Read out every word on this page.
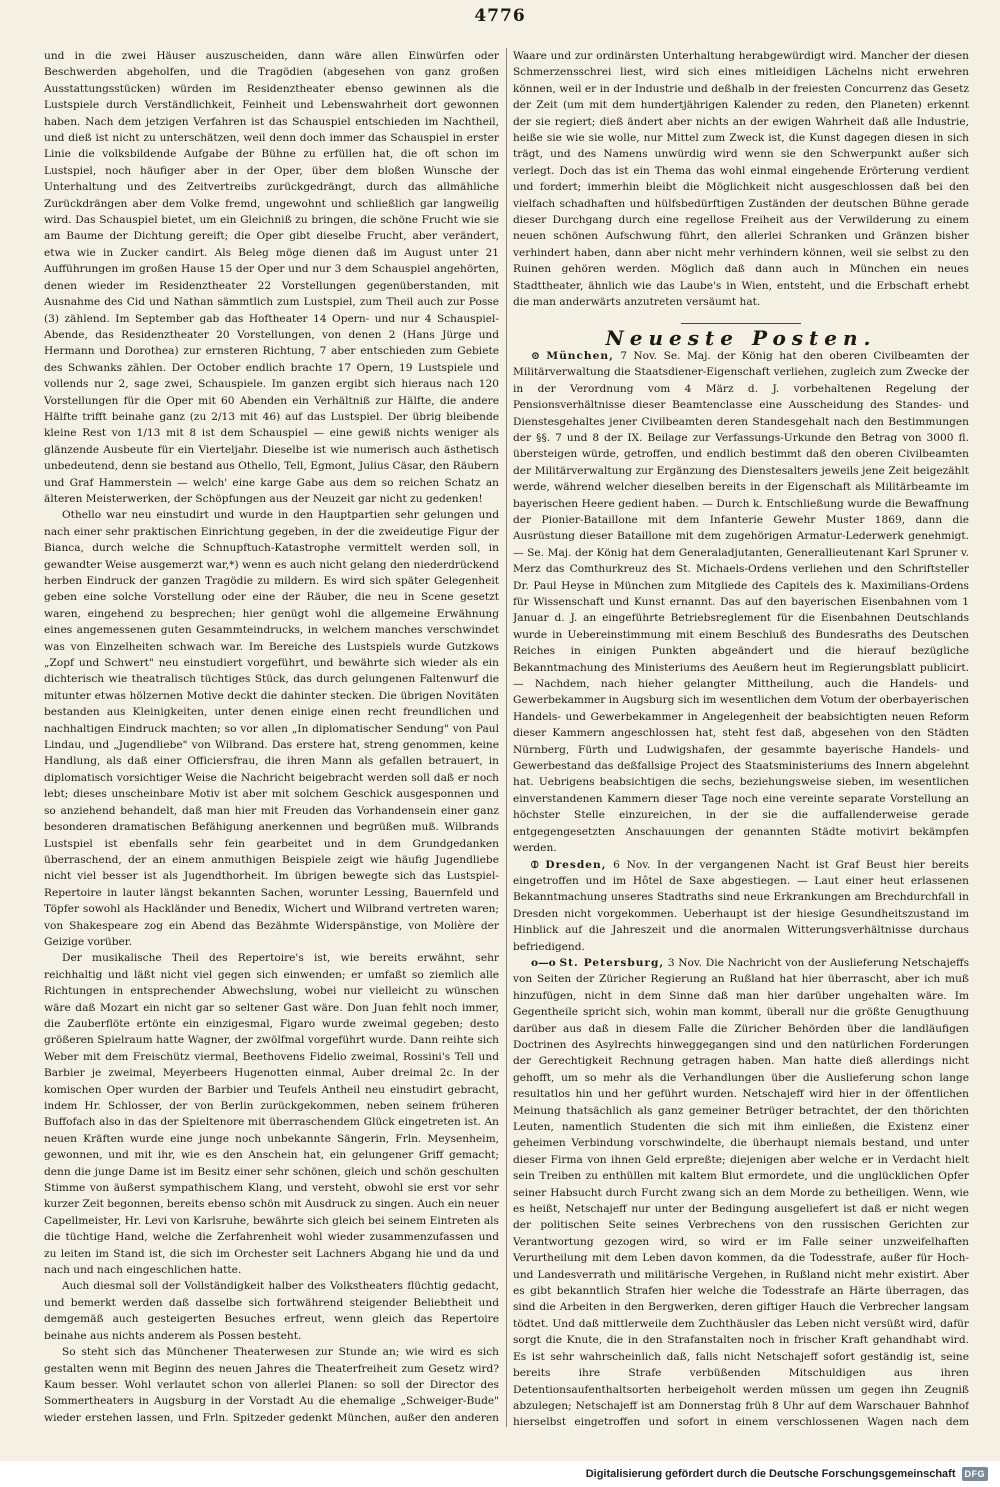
4776

und in die zwei Häuser auszuscheiden, dann wäre allen Einwürfen oder Beschwerden abgeholfen, und die Tragödien (abgesehen von ganz großen Ausstattungsstücken) würden im Residenztheater ebenso gewinnen als die Lustspiele durch Verständlichkeit, Feinheit und Lebenswahrheit dort gewonnen haben. Nach dem jetzigen Verfahren ist das Schauspiel entschieden im Nachtheil, und dieß ist nicht zu unterschätzen, weil denn doch immer das Schauspiel in erster Linie die volksbildende Aufgabe der Bühne zu erfüllen hat, die oft schon im Lustspiel, noch häufiger aber in der Oper, über dem bloßen Wunsche der Unterhaltung und des Zeitvertreibs zurückgedrängt, durch das allmähliche Zurückdrängen aber dem Volke fremd, ungewohnt und schließlich gar langweilig wird. Das Schauspiel bietet, um ein Gleichniß zu bringen, die schöne Frucht wie sie am Baume der Dichtung gereift; die Oper gibt dieselbe Frucht, aber verändert, etwa wie in Zucker candirt. Als Beleg möge dienen daß im August unter 21 Aufführungen im großen Hause 15 der Oper und nur 3 dem Schauspiel angehörten, denen wieder im Residenztheater 22 Vorstellungen gegenüberstanden, mit Ausnahme des Cid und Nathan sämmtlich zum Lustspiel, zum Theil auch zur Posse (3) zählend. Im September gab das Hoftheater 14 Opern- und nur 4 Schauspiel-Abende, das Residenztheater 20 Vorstellungen, von denen 2 (Hans Jürge und Hermann und Dorothea) zur ernsteren Richtung, 7 aber entschieden zum Gebiete des Schwanks zählen. Der October endlich brachte 17 Opern, 19 Lustspiele und vollends nur 2, sage zwei, Schauspiele. Im ganzen ergibt sich hieraus nach 120 Vorstellungen für die Oper mit 60 Abenden ein Verhältniß zur Hälfte, die andere Hälfte trifft beinahe ganz (zu 2/13 mit 46) auf das Lustspiel. Der übrig bleibende kleine Rest von 1/13 mit 8 ist dem Schauspiel — eine gewiß nichts weniger als glänzende Ausbeute für ein Vierteljahr. Dieselbe ist wie numerisch auch ästhetisch unbedeutend, denn sie bestand aus Othello, Tell, Egmont, Julius Cäsar, den Räubern und Graf Hammerstein — welch' eine karge Gabe aus dem so reichen Schatz an älteren Meisterwerken, der Schöpfungen aus der Neuzeit gar nicht zu gedenken!

Othello war neu einstudirt und wurde in den Hauptpartien sehr gelungen und nach einer sehr praktischen Einrichtung gegeben, in der die zweideutige Figur der Bianca, durch welche die Schnupftuch-Katastrophe vermittelt werden soll, in gewandter Weise ausgemerzt war,*) wenn es auch nicht gelang den niederdrückend herben Eindruck der ganzen Tragödie zu mildern. Es wird sich später Gelegenheit geben eine solche Vorstellung oder eine der Räuber, die neu in Scene gesetzt waren, eingehend zu besprechen; hier genügt wohl die allgemeine Erwähnung eines angemessenen guten Gesammteindrucks, in welchem manches verschwindet was von Einzelheiten schwach war. Im Bereiche des Lustspiels wurde Gutzkows „Zopf und Schwert" neu einstudiert vorgeführt, und bewährte sich wieder als ein dichterisch wie theatralisch tüchtiges Stück, das durch gelungenen Faltenwurf die mitunter etwas hölzernen Motive deckt die dahinter stecken. Die übrigen Novitäten bestanden aus Kleinigkeiten, unter denen einige einen recht freundlichen und nachhaltigen Eindruck machten; so vor allen „In diplomatischer Sendung" von Paul Lindau, und „Jugendliebe" von Wilbrand. Das erstere hat, streng genommen, keine Handlung, als daß einer Officiersfrau, die ihren Mann als gefallen betrauert, in diplomatisch vorsichtiger Weise die Nachricht beigebracht werden soll daß er noch lebt; dieses unscheinbare Motiv ist aber mit solchem Geschick ausgesponnen und so anziehend behandelt, daß man hier mit Freuden das Vorhandensein einer ganz besonderen dramatischen Befähigung anerkennen und begrüßen muß. Wilbrands Lustspiel ist ebenfalls sehr fein gearbeitet und in dem Grundgedanken überraschend, der an einem anmuthigen Beispiele zeigt wie häufig Jugendliebe nicht viel besser ist als Jugendthorheit. Im übrigen bewegte sich das Lustspiel-Repertoire in lauter längst bekannten Sachen, worunter Lessing, Bauernfeld und Töpfer sowohl als Hackländer und Benedix, Wichert und Wilbrand vertreten waren; von Shakespeare zog ein Abend das Bezähmte Widerspänstige, von Molière der Geizige vorüber.

Der musikalische Theil des Repertoire's ist, wie bereits erwähnt, sehr reichhaltig und läßt nicht viel gegen sich einwenden; er umfaßt so ziemlich alle Richtungen in entsprechender Abwechslung, wobei nur vielleicht zu wünschen wäre daß Mozart ein nicht gar so seltener Gast wäre. Don Juan fehlt noch immer, die Zauberflöte ertönte ein einzigesmal, Figaro wurde zweimal gegeben; desto größeren Spielraum hatte Wagner, der zwölfmal vorgeführt wurde. Dann reihte sich Weber mit dem Freischütz viermal, Beethovens Fidelio zweimal, Rossini's Tell und Barbier je zweimal, Meyerbeers Hugenotten einmal, Auber dreimal 2c. In der komischen Oper wurden der Barbier und Teufels Antheil neu einstudirt gebracht, indem Hr. Schlosser, der von Berlin zurückgekommen, neben seinem früheren Buffofach also in das der Spieltenore mit überraschendem Glück eingetreten ist. An neuen Kräften wurde eine junge noch unbekannte Sängerin, Frln. Meysenheim, gewonnen, und mit ihr, wie es den Anschein hat, ein gelungener Griff gemacht; denn die junge Dame ist im Besitz einer sehr schönen, gleich und schön geschulten Stimme von äußerst sympathischem Klang, und versteht, obwohl sie erst vor sehr kurzer Zeit begonnen, bereits ebenso schön mit Ausdruck zu singen. Auch ein neuer Capellmeister, Hr. Levi von Karlsruhe, bewährte sich gleich bei seinem Eintreten als die tüchtige Hand, welche die Zerfahrenheit wohl wieder zusammenzufassen und zu leiten im Stand ist, die sich im Orchester seit Lachners Abgang hie und da und nach und nach eingeschlichen hatte.

Auch diesmal soll der Vollständigkeit halber des Volkstheaters flüchtig gedacht, und bemerkt werden daß dasselbe sich fortwährend steigender Beliebtheit und demgemäß auch gesteigerten Besuches erfreut, wenn gleich das Repertoire beinahe aus nichts anderem als Possen besteht.

So steht sich das Münchener Theaterwesen zur Stunde an; wie wird es sich gestalten wenn mit Beginn des neuen Jahres die Theaterfreiheit zum Gesetz wird? Kaum besser. Wohl verlautet schon von allerlei Planen: so soll der Director des Sommertheaters in Augsburg in der Vorstadt Au die ehemalige „Schweiger-Bude" wieder erstehen lassen, und Frln. Spitzeder gedenkt München, außer den anderen

Waare und zur ordinärsten Unterhaltung herabgewürdigt wird. Mancher der diesen Schmerzensschrei liest, wird sich eines mitleidigen Lächelns nicht erwehren können, weil er in der Industrie und deßhalb in der freiesten Concurrenz das Gesetz der Zeit (um mit dem hundertjährigen Kalender zu reden, den Planeten) erkennt der sie regiert; dieß ändert aber nichts an der ewigen Wahrheit daß alle Industrie, heiße sie wie sie wolle, nur Mittel zum Zweck ist, die Kunst dagegen diesen in sich trägt, und des Namens unwürdig wird wenn sie den Schwerpunkt außer sich verlegt. Doch das ist ein Thema das wohl einmal eingehende Erörterung verdient und fordert; immerhin bleibt die Möglichkeit nicht ausgeschlossen daß bei den vielfach schadhaften und hülfsbedürftigen Zuständen der deutschen Bühne gerade dieser Durchgang durch eine regellose Freiheit aus der Verwilderung zu einem neuen schönen Aufschwung führt, den allerlei Schranken und Gränzen bisher verhindert haben, dann aber nicht mehr verhindern können, weil sie selbst zu den Ruinen gehören werden. Möglich daß dann auch in München ein neues Stadttheater, ähnlich wie das Laube's in Wien, entsteht, und die Erbschaft erhebt die man anderwärts anzutreten versäumt hat.

Neueste Posten.

⊙ München, 7 Nov. Se. Maj. der König hat den oberen Civilbeamten der Militärverwaltung die Staatsdiener-Eigenschaft verliehen, zugleich zum Zwecke der in der Verordnung vom 4 März d. J. vorbehaltenen Regelung der Pensionsverhältnisse dieser Beamtenclasse eine Ausscheidung des Standes- und Dienstesgehaltes jener Civilbeamten deren Standesgehalt nach den Bestimmungen der §§. 7 und 8 der IX. Beilage zur Verfassungs-Urkunde den Betrag von 3000 fl. übersteigen würde, getroffen, und endlich bestimmt daß den oberen Civilbeamten der Militärverwaltung zur Ergänzung des Dienstesalters jeweils jene Zeit beigezählt werde, während welcher dieselben bereits in der Eigenschaft als Militärbeamte im bayerischen Heere gedient haben. — Durch k. Entschließung wurde die Bewaffnung der Pionier-Bataillone mit dem Infanterie Gewehr Muster 1869, dann die Ausrüstung dieser Bataillone mit dem zugehörigen Armatur-Lederwerk genehmigt. — Se. Maj. der König hat dem Generaladjutanten, Generallieutenant Karl Spruner v. Merz das Comthurkreuz des St. Michaels-Ordens verliehen und den Schriftsteller Dr. Paul Heyse in München zum Mitgliede des Capitels des k. Maximilians-Ordens für Wissenschaft und Kunst ernannt. Das auf den bayerischen Eisenbahnen vom 1 Januar d. J. an eingeführte Betriebsreglement für die Eisenbahnen Deutschlands wurde in Uebereinstimmung mit einem Beschluß des Bundesraths des Deutschen Reiches in einigen Punkten abgeändert und die hierauf bezügliche Bekanntmachung des Ministeriums des Aeußern heut im Regierungsblatt publicirt. — Nachdem, nach hieher gelangter Mittheilung, auch die Handels- und Gewerbekammer in Augsburg sich im wesentlichen dem Votum der oberbayerischen Handels- und Gewerbekammer in Angelegenheit der beabsichtigten neuen Reform dieser Kammern angeschlossen hat, steht fest daß, abgesehen von den Städten Nürnberg, Fürth und Ludwigshafen, der gesammte bayerische Handels- und Gewerbestand das deßfallsige Project des Staatsministeriums des Innern abgelehnt hat. Uebrigens beabsichtigen die sechs, beziehungsweise sieben, im wesentlichen einverstandenen Kammern dieser Tage noch eine vereinte separate Vorstellung an höchster Stelle einzureichen, in der sie die auffallenderweise gerade entgegengesetzten Anschauungen der genannten Städte motivirt bekämpfen werden.

⦶ Dresden, 6 Nov. In der vergangenen Nacht ist Graf Beust hier bereits eingetroffen und im Hôtel de Saxe abgestiegen. — Laut einer heut erlassenen Bekanntmachung unseres Stadtraths sind neue Erkrankungen am Brechdurchfall in Dresden nicht vorgekommen. Ueberhaupt ist der hiesige Gesundheitszustand im Hinblick auf die Jahreszeit und die anormalen Witterungsverhältnisse durchaus befriedigend.

o—o St. Petersburg, 3 Nov. Die Nachricht von der Auslieferung Netschajeffs von Seiten der Züricher Regierung an Rußland hat hier überrascht, aber ich muß hinzufügen, nicht in dem Sinne daß man hier darüber ungehalten wäre. Im Gegentheile spricht sich, wohin man kommt, überall nur die größte Genugthuung darüber aus daß in diesem Falle die Züricher Behörden über die landläufigen Doctrinen des Asylrechts hinweggegangen sind und den natürlichen Forderungen der Gerechtigkeit Rechnung getragen haben. Man hatte dieß allerdings nicht gehofft, um so mehr als die Verhandlungen über die Auslieferung schon lange resultatlos hin und her geführt wurden. Netschajeff wird hier in der öffentlichen Meinung thatsächlich als ganz gemeiner Betrüger betrachtet, der den thörichten Leuten, namentlich Studenten die sich mit ihm einließen, die Existenz einer geheimen Verbindung vorschwindelte, die überhaupt niemals bestand, und unter dieser Firma von ihnen Geld erpreßte; diejenigen aber welche er in Verdacht hielt sein Treiben zu enthüllen mit kaltem Blut ermordete, und die unglücklichen Opfer seiner Habsucht durch Furcht zwang sich an dem Morde zu betheiligen. Wenn, wie es heißt, Netschajeff nur unter der Bedingung ausgeliefert ist daß er nicht wegen der politischen Seite seines Verbrechens von den russischen Gerichten zur Verantwortung gezogen wird, so wird er im Falle seiner unzweifelhaften Verurtheilung mit dem Leben davon kommen, da die Todesstrafe, außer für Hoch- und Landesverrath und militärische Vergehen, in Rußland nicht mehr existirt. Aber es gibt bekanntlich Strafen hier welche die Todesstrafe an Härte überragen, das sind die Arbeiten in den Bergwerken, deren giftiger Hauch die Verbrecher langsam tödtet. Und daß mittlerweile dem Zuchthäusler das Leben nicht versüßt wird, dafür sorgt die Knute, die in den Strafanstalten noch in frischer Kraft gehandhabt wird. Es ist sehr wahrscheinlich daß, falls nicht Netschajeff sofort geständig ist, seine bereits ihre Strafe verbüßenden Mitschuldigen aus ihren Detentionsaufenthaltsorten herbeigeholt werden müssen um gegen ihn Zeugniß abzulegen; Netschajeff ist am Donnerstag früh 8 Uhr auf dem Warschauer Bahnhof hierselbst eingetroffen und sofort in einem verschlossenen Wagen nach dem

Digitalisierung gefördert durch die Deutsche Forschungsgemeinschaft DFG
